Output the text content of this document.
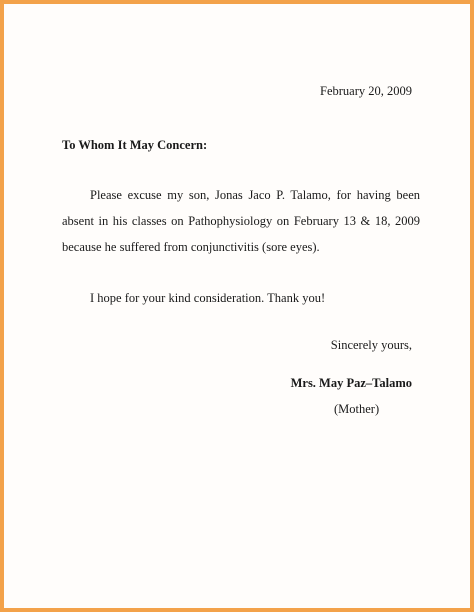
February 20, 2009
To Whom It May Concern:
Please excuse my son, Jonas Jaco P. Talamo, for having been absent in his classes on Pathophysiology on February 13 & 18, 2009 because he suffered from conjunctivitis (sore eyes).
I hope for your kind consideration. Thank you!
Sincerely yours,
Mrs. May Paz–Talamo
(Mother)
